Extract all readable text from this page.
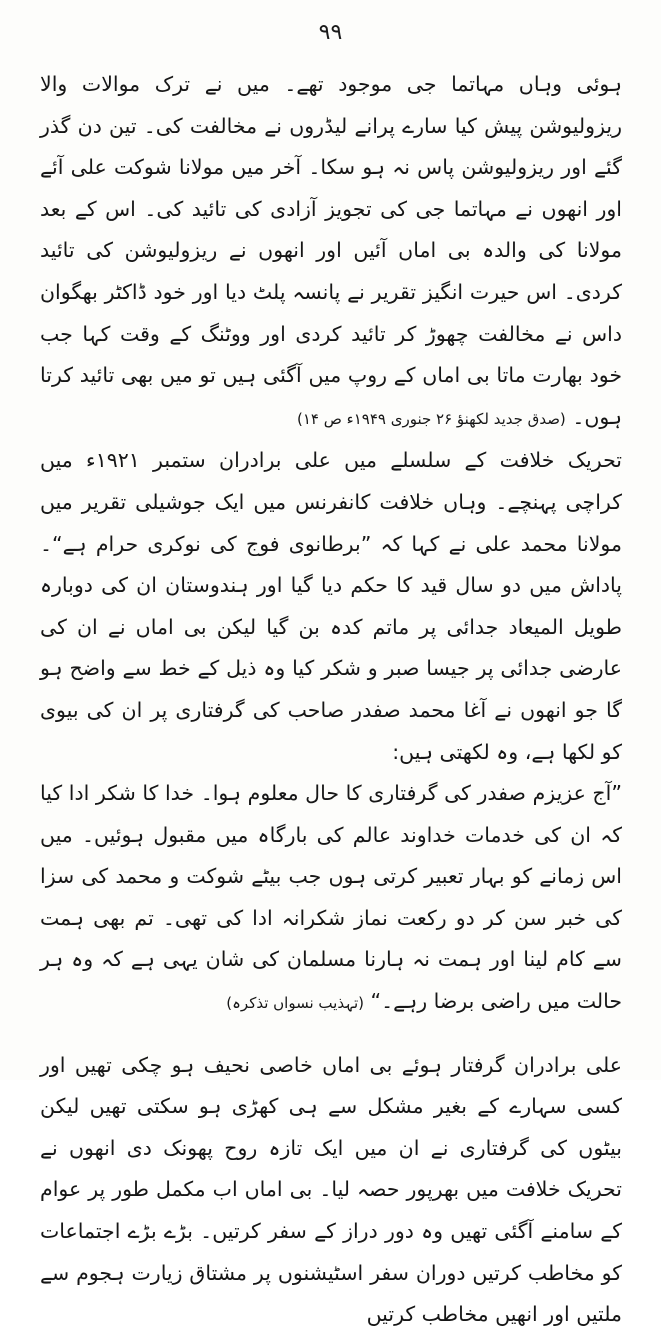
۹۹

ہوئی وہاں مہاتما جی موجود تھے۔ میں نے ترک موالات والا ریزولیوشن پیش کیا سارے پرانے لیڈروں نے مخالفت کی۔ تین دن گذر گئے اور ریزولیوشن پاس نہ ہو سکا۔ آخر میں مولانا شوکت علی آئے اور انھوں نے مہاتما جی کی تجویز آزادی کی تائید کی۔ اس کے بعد مولانا کی والدہ بی اماں آئیں اور انھوں نے ریزولیوشن کی تائید کردی۔ اس حیرت انگیز تقریر نے پانسہ پلٹ دیا اور خود ڈاکٹر بھگوان داس نے مخالفت چھوڑ کر تائید کردی اور ووٹنگ کے وقت کہا جب خود بھارت ماتا بی اماں کے روپ میں آگئی ہیں تو میں بھی تائید کرتا ہوں۔ (صدق جدید لکھنؤ ۲۶ جنوری ۱۹۴۹ء ص ۱۴)

تحریک خلافت کے سلسلے میں علی برادران ستمبر ۱۹۲۱ء میں کراچی پہنچے۔ وہاں خلافت کانفرنس میں ایک جوشیلی تقریر میں مولانا محمد علی نے کہا کہ ”برطانوی فوج کی نوکری حرام ہے“۔ پاداش میں دو سال قید کا حکم دیا گیا اور ہندوستان ان کی دوبارہ طویل المیعاد جدائی پر ماتم کدہ بن گیا لیکن بی اماں نے ان کی عارضی جدائی پر جیسا صبر و شکر کیا وہ ذیل کے خط سے واضح ہو گا جو انھوں نے آغا محمد صفدر صاحب کی گرفتاری پر ان کی بیوی کو لکھا ہے، وہ لکھتی ہیں:

”آج عزیزم صفدر کی گرفتاری کا حال معلوم ہوا۔ خدا کا شکر ادا کیا کہ ان کی خدمات خداوند عالم کی بارگاہ میں مقبول ہوئیں۔ میں اس زمانے کو بہار تعبیر کرتی ہوں جب بیٹے شوکت و محمد کی سزا کی خبر سن کر دو رکعت نماز شکرانہ ادا کی تھی۔ تم بھی ہمت سے کام لینا اور ہمت نہ ہارنا مسلمان کی شان یہی ہے کہ وہ ہر حالت میں راضی برضا رہے۔“ (تہذیب نسواں تذکرہ)

علی برادران گرفتار ہوئے بی اماں خاصی نحیف ہو چکی تھیں اور کسی سہارے کے بغیر مشکل سے ہی کھڑی ہو سکتی تھیں لیکن بیٹوں کی گرفتاری نے ان میں ایک تازہ روح پھونک دی انھوں نے تحریک خلافت میں بھرپور حصہ لیا۔ بی اماں اب مکمل طور پر عوام کے سامنے آگئی تھیں وہ دور دراز کے سفر کرتیں۔ بڑے بڑے اجتماعات کو مخاطب کرتیں دوران سفر اسٹیشنوں پر مشتاق زیارت ہجوم سے ملتیں اور انھیں مخاطب کرتیں
